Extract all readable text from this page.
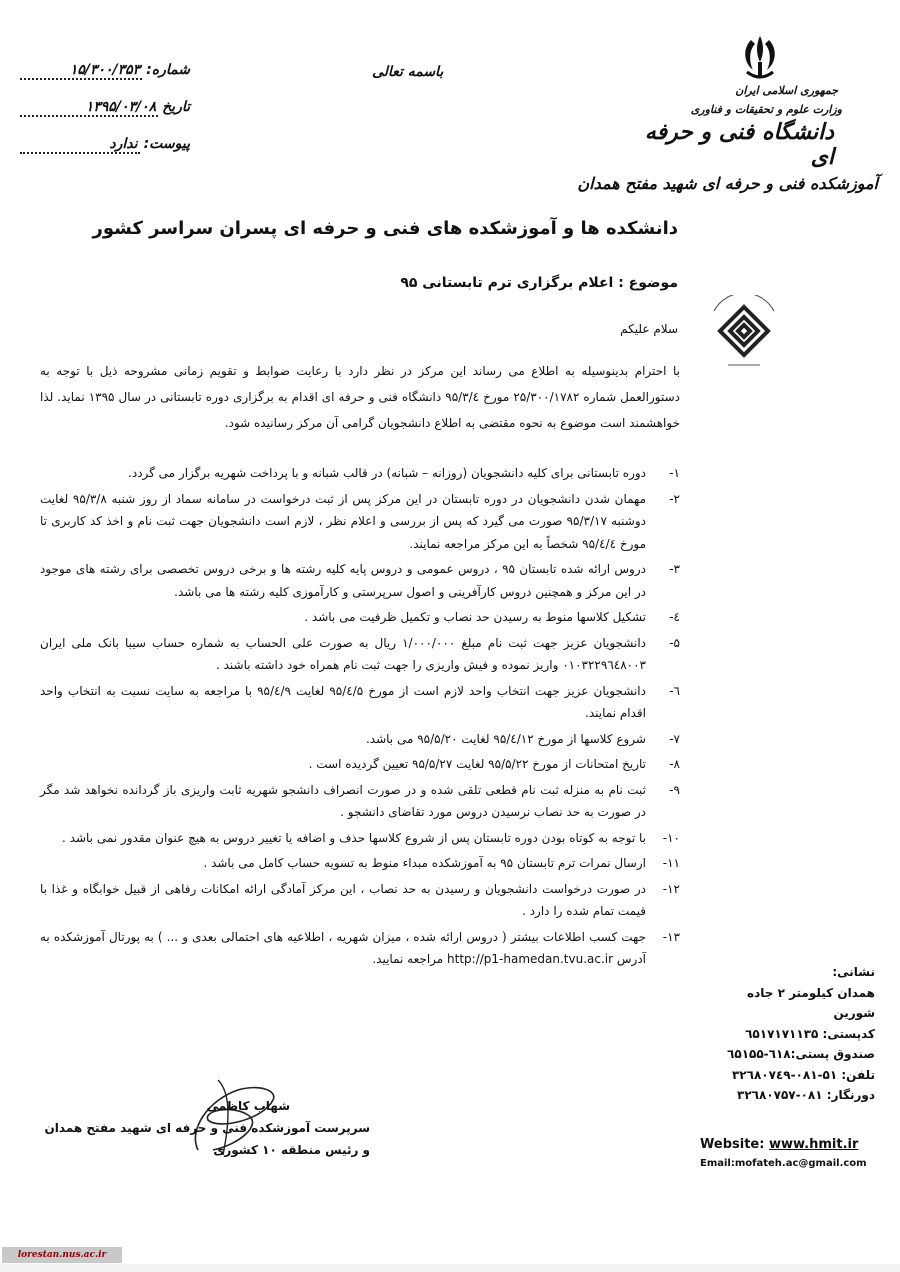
شماره:
۱۵/۳۰۰/۳۵۳
تاریخ
۱۳۹۵/۰۳/۰۸
پیوست:
ندارد
باسمه تعالی
جمهوری اسلامی ایران
وزارت علوم و تحقیقات و فناوری
دانشگاه فنی و حرفه ای
آموزشکده فنی و حرفه ای شهید مفتح همدان
دانشکده ها و آموزشکده های فنی و حرفه ای پسران سراسر کشور
موضوع : اعلام برگزاری ترم تابستانی ۹۵
سلام علیکم
با احترام بدینوسیله به اطلاع می رساند این مرکز در نظر دارد با رعایت ضوابط و تقویم زمانی مشروحه ذیل با توجه به دستورالعمل شماره ۲۵/۳۰۰/۱۷۸۲ مورخ ۹۵/۳/٤ دانشگاه فنی و حرفه ای اقدام به برگزاری دوره تابستانی در سال ۱۳۹۵ نماید. لذا خواهشمند است موضوع به نحوه مقتضی به اطلاع دانشجویان گرامی آن مرکز رسانیده شود.
۱-
دوره تابستانی برای کلیه دانشجویان (روزانه – شبانه) در قالب شبانه و با پرداخت شهریه برگزار می گردد.
۲-
مهمان شدن دانشجویان در دوره تابستان در این مرکز پس از ثبت درخواست در سامانه سماد از روز شنبه ۹۵/۳/۸ لغایت دوشنبه ۹۵/۳/۱۷ صورت می گیرد که پس از بررسی و اعلام نظر ، لازم است دانشجویان جهت ثبت نام و اخذ کد کاربری تا مورخ ۹۵/٤/٤ شخصاً به این مرکز مراجعه نمایند.
۳-
دروس ارائه شده تابستان ۹۵ ، دروس عمومی و دروس پایه کلیه رشته ها و برخی دروس تخصصی برای رشته های موجود در این مرکز و همچنین دروس کارآفرینی و اصول سرپرستی و کارآموزی کلیه رشته ها می باشد.
٤-
تشکیل کلاسها منوط به رسیدن حد نصاب و تکمیل ظرفیت می باشد .
۵-
دانشجویان عزیز جهت ثبت نام مبلغ ۱/۰۰۰/۰۰۰ ریال به صورت علی الحساب به شماره حساب سیبا بانک ملی ایران ۰۱۰۳۲۲۹٦٤۸۰۰۳ واریز نموده و فیش واریزی را جهت ثبت نام همراه خود داشته باشند .
٦-
دانشجویان عزیز جهت انتخاب واحد لازم است از مورخ ۹۵/٤/۵ لغایت ۹۵/٤/۹ با مراجعه به سایت نسبت به انتخاب واحد اقدام نمایند.
۷-
شروع کلاسها از مورخ ۹۵/٤/۱۲ لغایت ۹۵/۵/۲۰ می باشد.
۸-
تاریخ امتحانات از مورخ ۹۵/۵/۲۲ لغایت ۹۵/۵/۲۷ تعیین گردیده است .
۹-
ثبت نام به منزله ثبت نام قطعی تلقی شده و در صورت انصراف دانشجو شهریه ثابت واریزی باز گردانده نخواهد شد مگر در صورت به حد نصاب نرسیدن دروس مورد تقاضای دانشجو .
۱۰-
با توجه به کوتاه بودن دوره تابستان پس از شروع کلاسها حذف و اضافه یا تغییر دروس به هیچ عنوان مقدور نمی باشد .
۱۱-
ارسال نمرات ترم تابستان ۹۵ به آموزشکده مبداء منوط به تسویه حساب کامل می باشد .
۱۲-
در صورت درخواست دانشجویان و رسیدن به حد نصاب ، این مرکز آمادگی ارائه امکانات رفاهی از قبیل خوابگاه و غذا با قیمت تمام شده را دارد .
۱۳-
جهت کسب اطلاعات بیشتر ( دروس ارائه شده ، میزان شهریه ، اطلاعیه های احتمالی بعدی و ... ) به پورتال آموزشکده به آدرس http://p1-hamedan.tvu.ac.ir مراجعه نمایید.
نشانی:
همدان کیلومتر ۲ جاده شورین
کدپستی: ٦۵۱۷۱۷۱۱۳۵
صندوق پستی:٦۱۸-٦۵۱۵۵
تلفن: ۵۱-۰۸۱-۳۲٦۸۰۷٤۹
دورنگار: ۰۸۱-۳۲٦۸۰۷۵۷
Website: www.hmit.ir
Email:mofateh.ac@gmail.com
شهاب کاظمی
سرپرست آموزشکده فنی و حرفه ای شهید مفتح همدان
و رئیس منطقه ۱۰ کشوری
lorestan.nus.ac.ir
